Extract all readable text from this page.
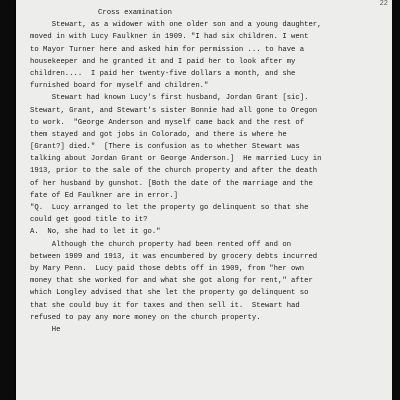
22
Cross examination
Stewart, as a widower with one older son and a young daughter,
moved in with Lucy Faulkner in 1909. "I had six children. I went
to Mayor Turner here and asked him for permission ... to have a
housekeeper and he granted it and I paid her to look after my
children....  I paid her twenty-five dollars a month, and she
furnished board for myself and children."
Stewart had known Lucy's first husband, Jordan Grant [sic].
Stewart, Grant, and Stewart's sister Bonnie had all gone to Oregon
to work.  "George Anderson and myself came back and the rest of
them stayed and got jobs in Colorado, and there is where he
[Grant?] died."  [There is confusion as to whether Stewart was
talking about Jordan Grant or George Anderson.]  He married Lucy in
1913, prior to the sale of the church property and after the death
of her husband by gunshot. [Both the date of the marriage and the
fate of Ed Faulkner are in error.]
"Q.  Lucy arranged to let the property go delinquent so that she
could get good title to it?
A.  No, she had to let it go."
Although the church property had been rented off and on
between 1909 and 1913, it was encumbered by grocery debts incurred
by Mary Penn.  Lucy paid those debts off in 1909, from "her own
money that she worked for and what she got along for rent," after
which Longley advised that she let the property go delinquent so
that she could buy it for taxes and then sell it.  Stewart had
refused to pay any more money on the church property.
He
